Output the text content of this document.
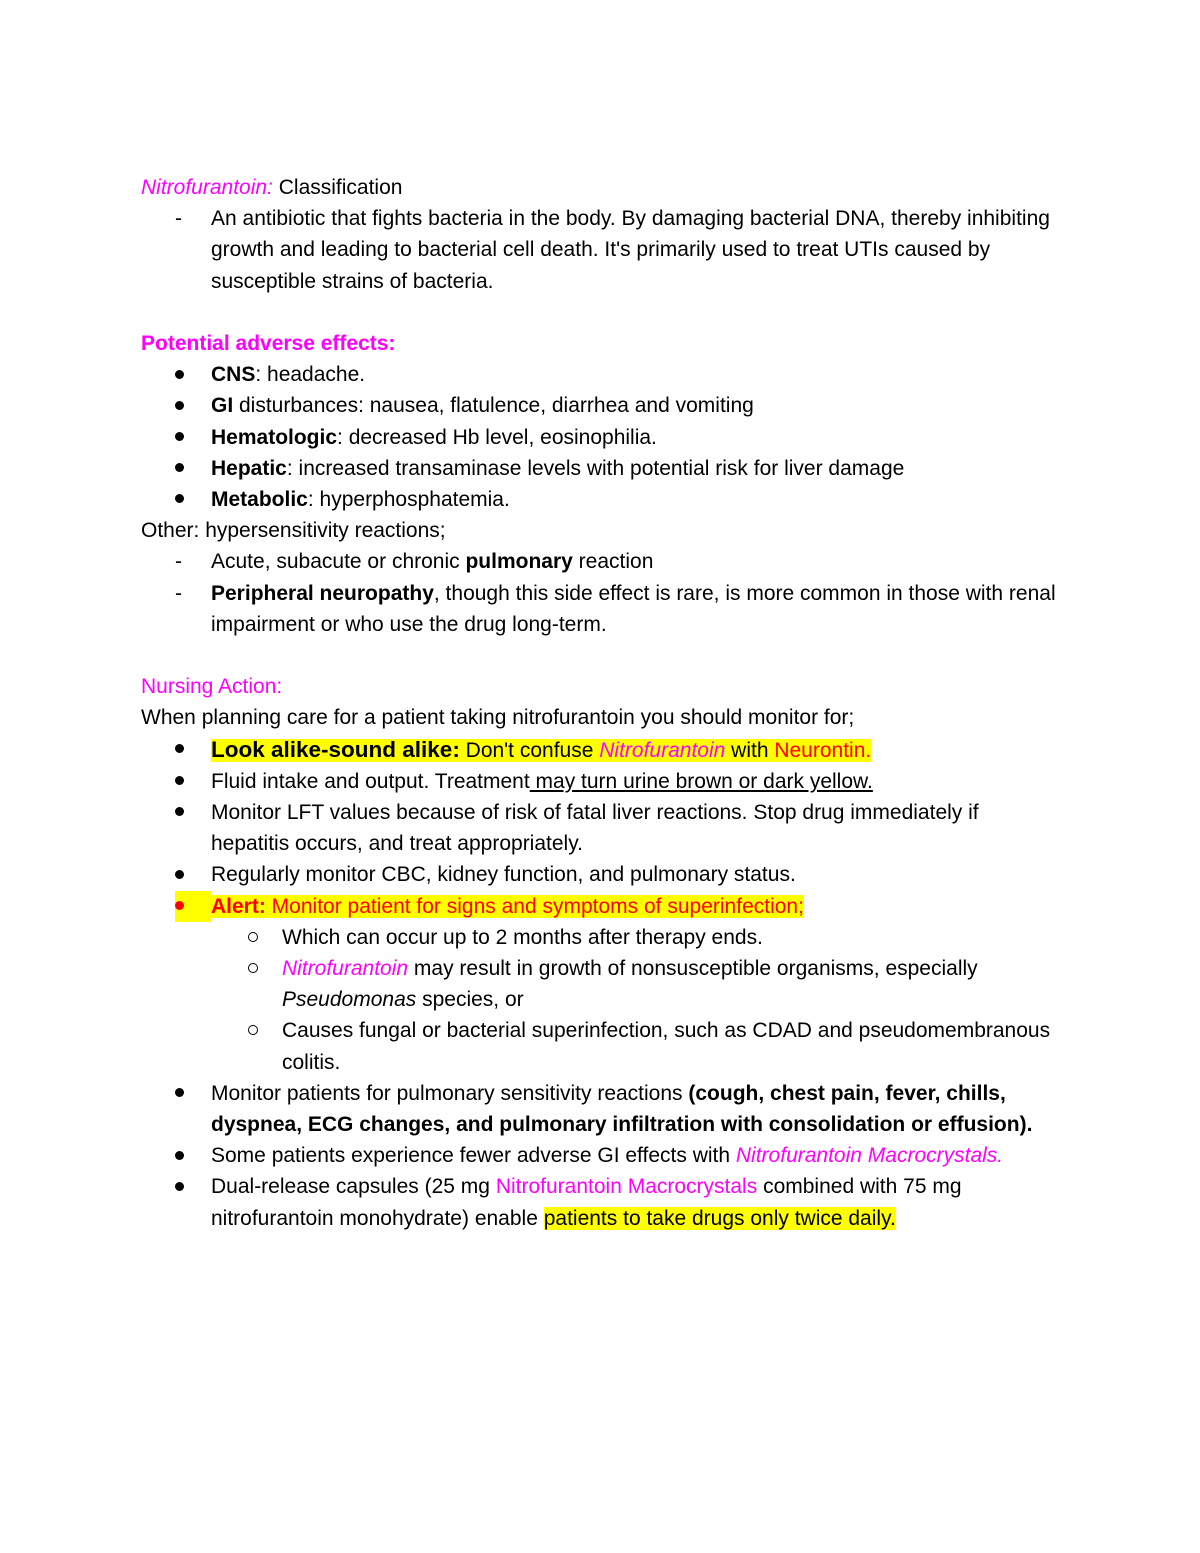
Nitrofurantoin: Classification

-	An antibiotic that fights bacteria in the body. By damaging bacterial DNA, thereby inhibiting growth and leading to bacterial cell death. It's primarily used to treat UTIs caused by susceptible strains of bacteria.

Potential adverse effects:

CNS: headache.
GI disturbances: nausea, flatulence, diarrhea and vomiting
Hematologic: decreased Hb level, eosinophilia.
Hepatic: increased transaminase levels with potential risk for liver damage
Metabolic: hyperphosphatemia.

Other: hypersensitivity reactions;

-	Acute, subacute or chronic pulmonary reaction
-	Peripheral neuropathy, though this side effect is rare, is more common in those with renal impairment or who use the drug long-term.

Nursing Action:

When planning care for a patient taking nitrofurantoin you should monitor for;

Look alike-sound alike: Don't confuse Nitrofurantoin with Neurontin.
Fluid intake and output. Treatment may turn urine brown or dark yellow.
Monitor LFT values because of risk of fatal liver reactions. Stop drug immediately if hepatitis occurs, and treat appropriately.
Regularly monitor CBC, kidney function, and pulmonary status.
Alert: Monitor patient for signs and symptoms of superinfection;
Which can occur up to 2 months after therapy ends.
Nitrofurantoin may result in growth of nonsusceptible organisms, especially Pseudomonas species, or
Causes fungal or bacterial superinfection, such as CDAD and pseudomembranous colitis.
Monitor patients for pulmonary sensitivity reactions (cough, chest pain, fever, chills, dyspnea, ECG changes, and pulmonary infiltration with consolidation or effusion).
Some patients experience fewer adverse GI effects with Nitrofurantoin Macrocrystals.
Dual-release capsules (25 mg Nitrofurantoin Macrocrystals combined with 75 mg nitrofurantoin monohydrate) enable patients to take drugs only twice daily.
